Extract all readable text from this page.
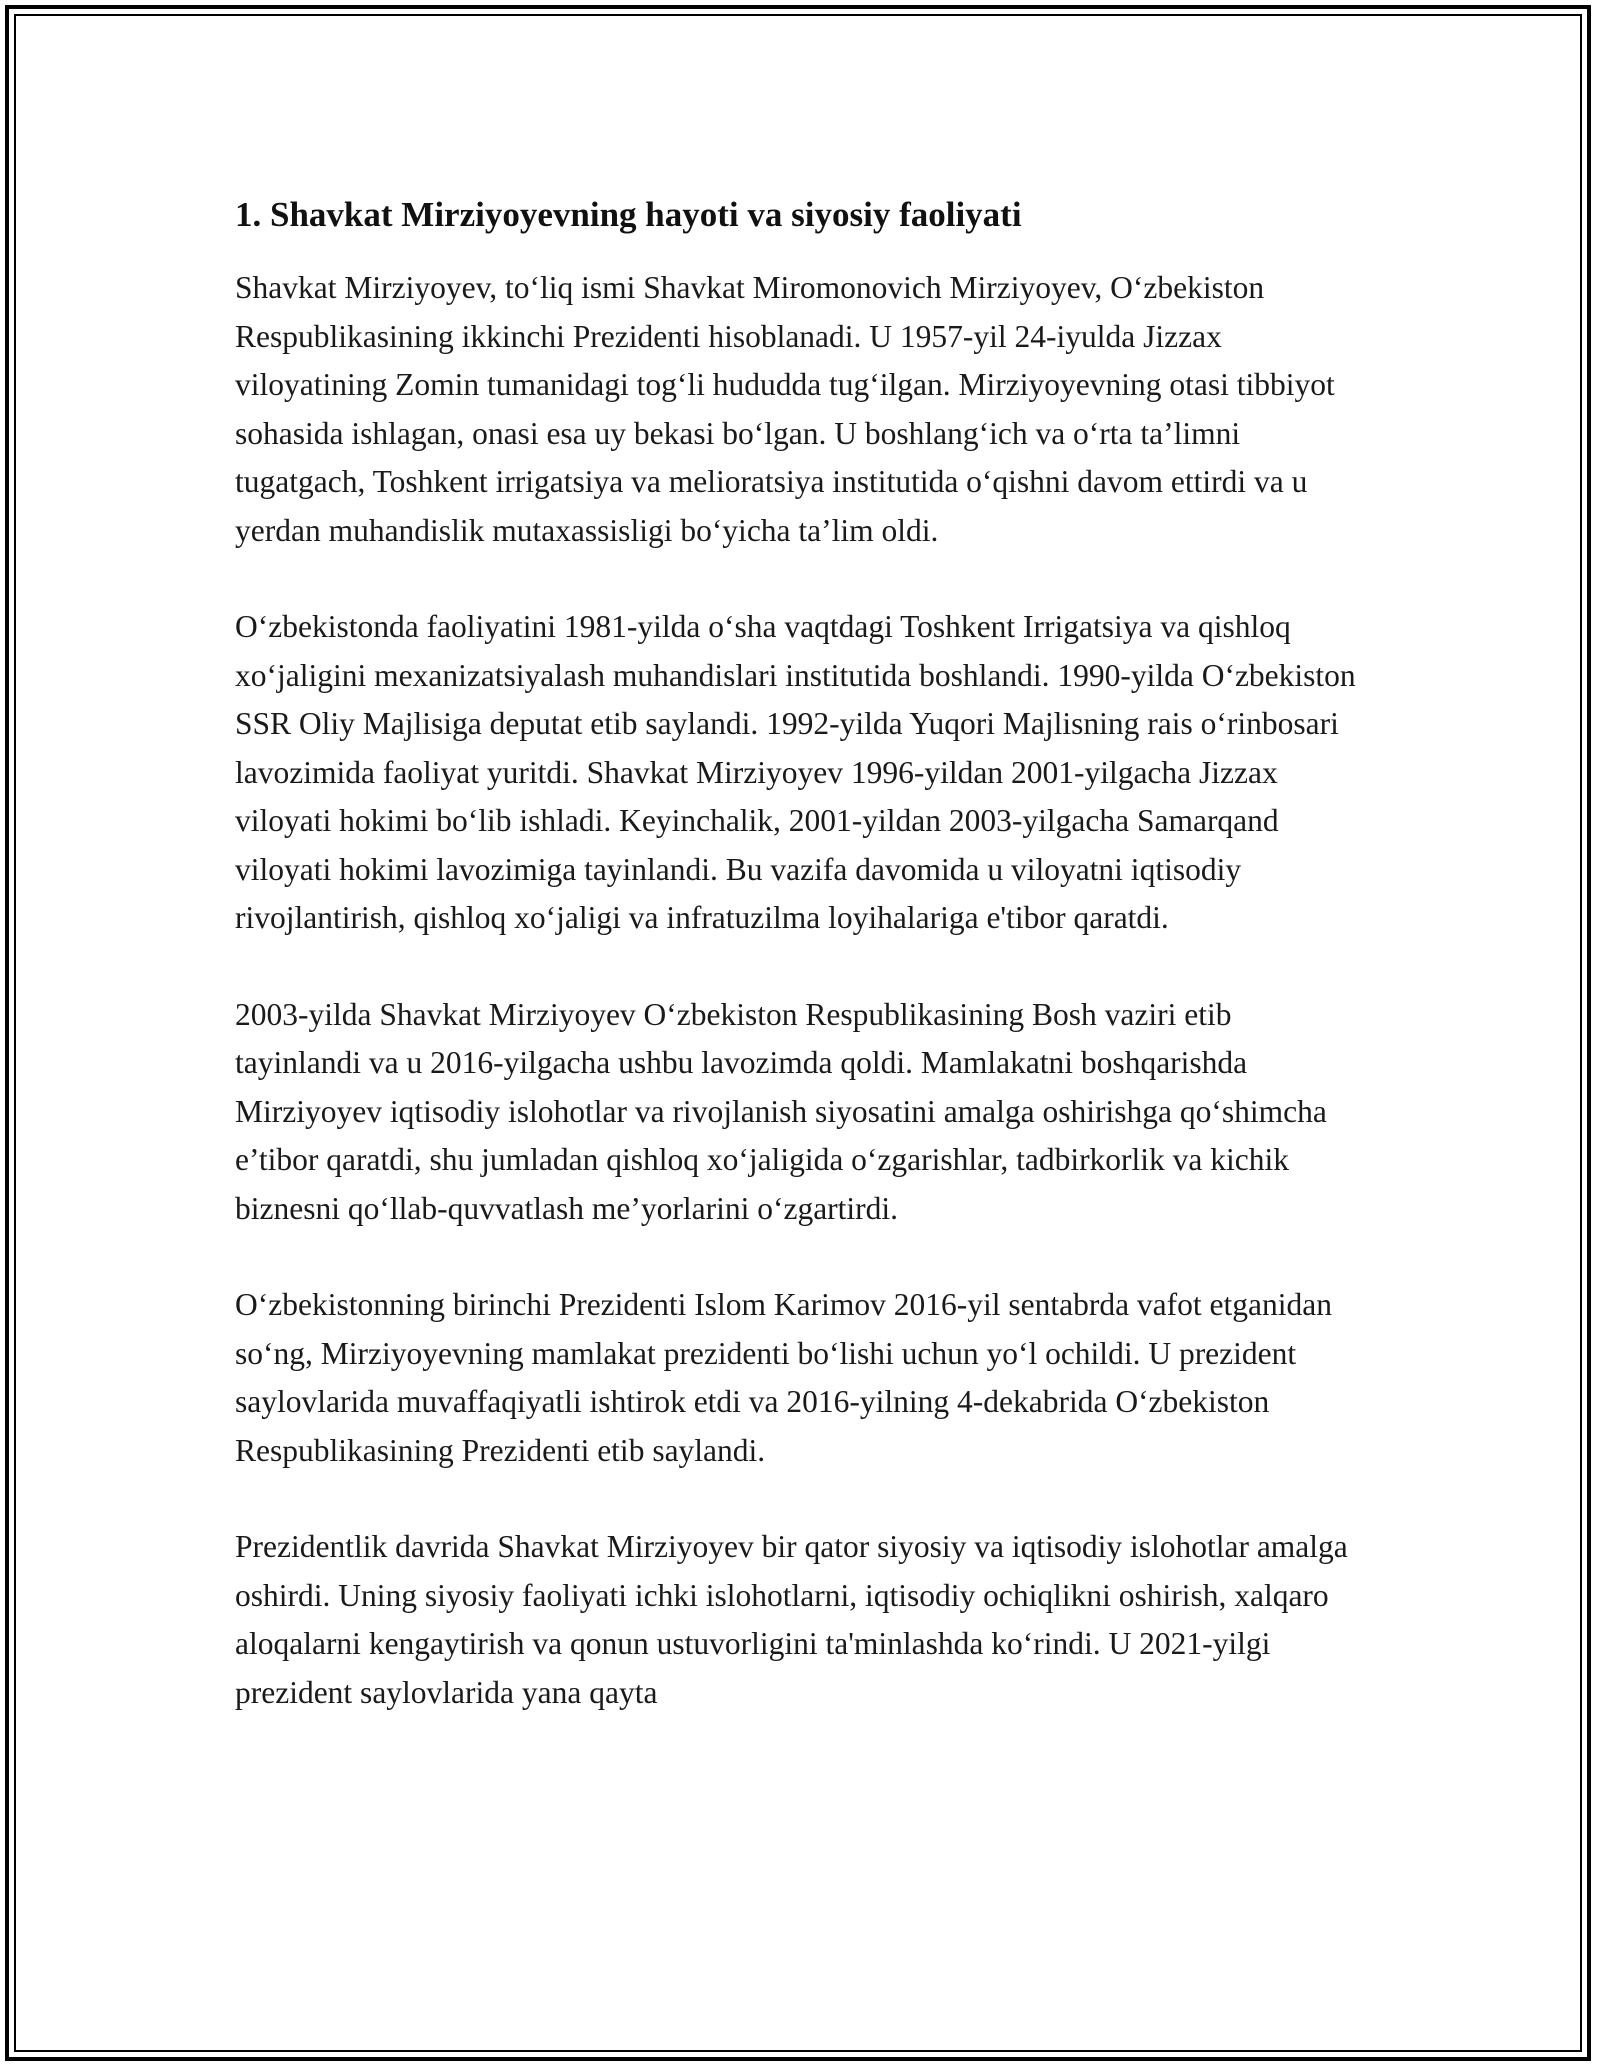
1. Shavkat Mirziyoyevning hayoti va siyosiy faoliyati

Shavkat Mirziyoyev, to‘liq ismi Shavkat Miromonovich Mirziyoyev, O‘zbekiston Respublikasining ikkinchi Prezidenti hisoblanadi. U 1957-yil 24-iyulda Jizzax viloyatining Zomin tumanidagi tog‘li hududda tug‘ilgan. Mirziyoyevning otasi tibbiyot sohasida ishlagan, onasi esa uy bekasi bo‘lgan. U boshlang‘ich va o‘rta ta’limni tugatgach, Toshkent irrigatsiya va melioratsiya institutida o‘qishni davom ettirdi va u yerdan muhandislik mutaxassisligi bo‘yicha ta’lim oldi.

O‘zbekistonda faoliyatini 1981-yilda o‘sha vaqtdagi Toshkent Irrigatsiya va qishloq xo‘jaligini mexanizatsiyalash muhandislari institutida boshlandi. 1990-yilda O‘zbekiston SSR Oliy Majlisiga deputat etib saylandi. 1992-yilda Yuqori Majlisning rais o‘rinbosari lavozimida faoliyat yuritdi. Shavkat Mirziyoyev 1996-yildan 2001-yilgacha Jizzax viloyati hokimi bo‘lib ishladi. Keyinchalik, 2001-yildan 2003-yilgacha Samarqand viloyati hokimi lavozimiga tayinlandi. Bu vazifa davomida u viloyatni iqtisodiy rivojlantirish, qishloq xo‘jaligi va infratuzilma loyihalariga e'tibor qaratdi.

2003-yilda Shavkat Mirziyoyev O‘zbekiston Respublikasining Bosh vaziri etib tayinlandi va u 2016-yilgacha ushbu lavozimda qoldi. Mamlakatni boshqarishda Mirziyoyev iqtisodiy islohotlar va rivojlanish siyosatini amalga oshirishga qo‘shimcha e’tibor qaratdi, shu jumladan qishloq xo‘jaligida o‘zgarishlar, tadbirkorlik va kichik biznesni qo‘llab-quvvatlash me’yorlarini o‘zgartirdi.

O‘zbekistonning birinchi Prezidenti Islom Karimov 2016-yil sentabrda vafot etganidan so‘ng, Mirziyoyevning mamlakat prezidenti bo‘lishi uchun yo‘l ochildi. U prezident saylovlarida muvaffaqiyatli ishtirok etdi va 2016-yilning 4-dekabrida O‘zbekiston Respublikasining Prezidenti etib saylandi.

Prezidentlik davrida Shavkat Mirziyoyev bir qator siyosiy va iqtisodiy islohotlar amalga oshirdi. Uning siyosiy faoliyati ichki islohotlarni, iqtisodiy ochiqlikni oshirish, xalqaro aloqalarni kengaytirish va qonun ustuvorligini ta'minlashda ko‘rindi. U 2021-yilgi prezident saylovlarida yana qayta
